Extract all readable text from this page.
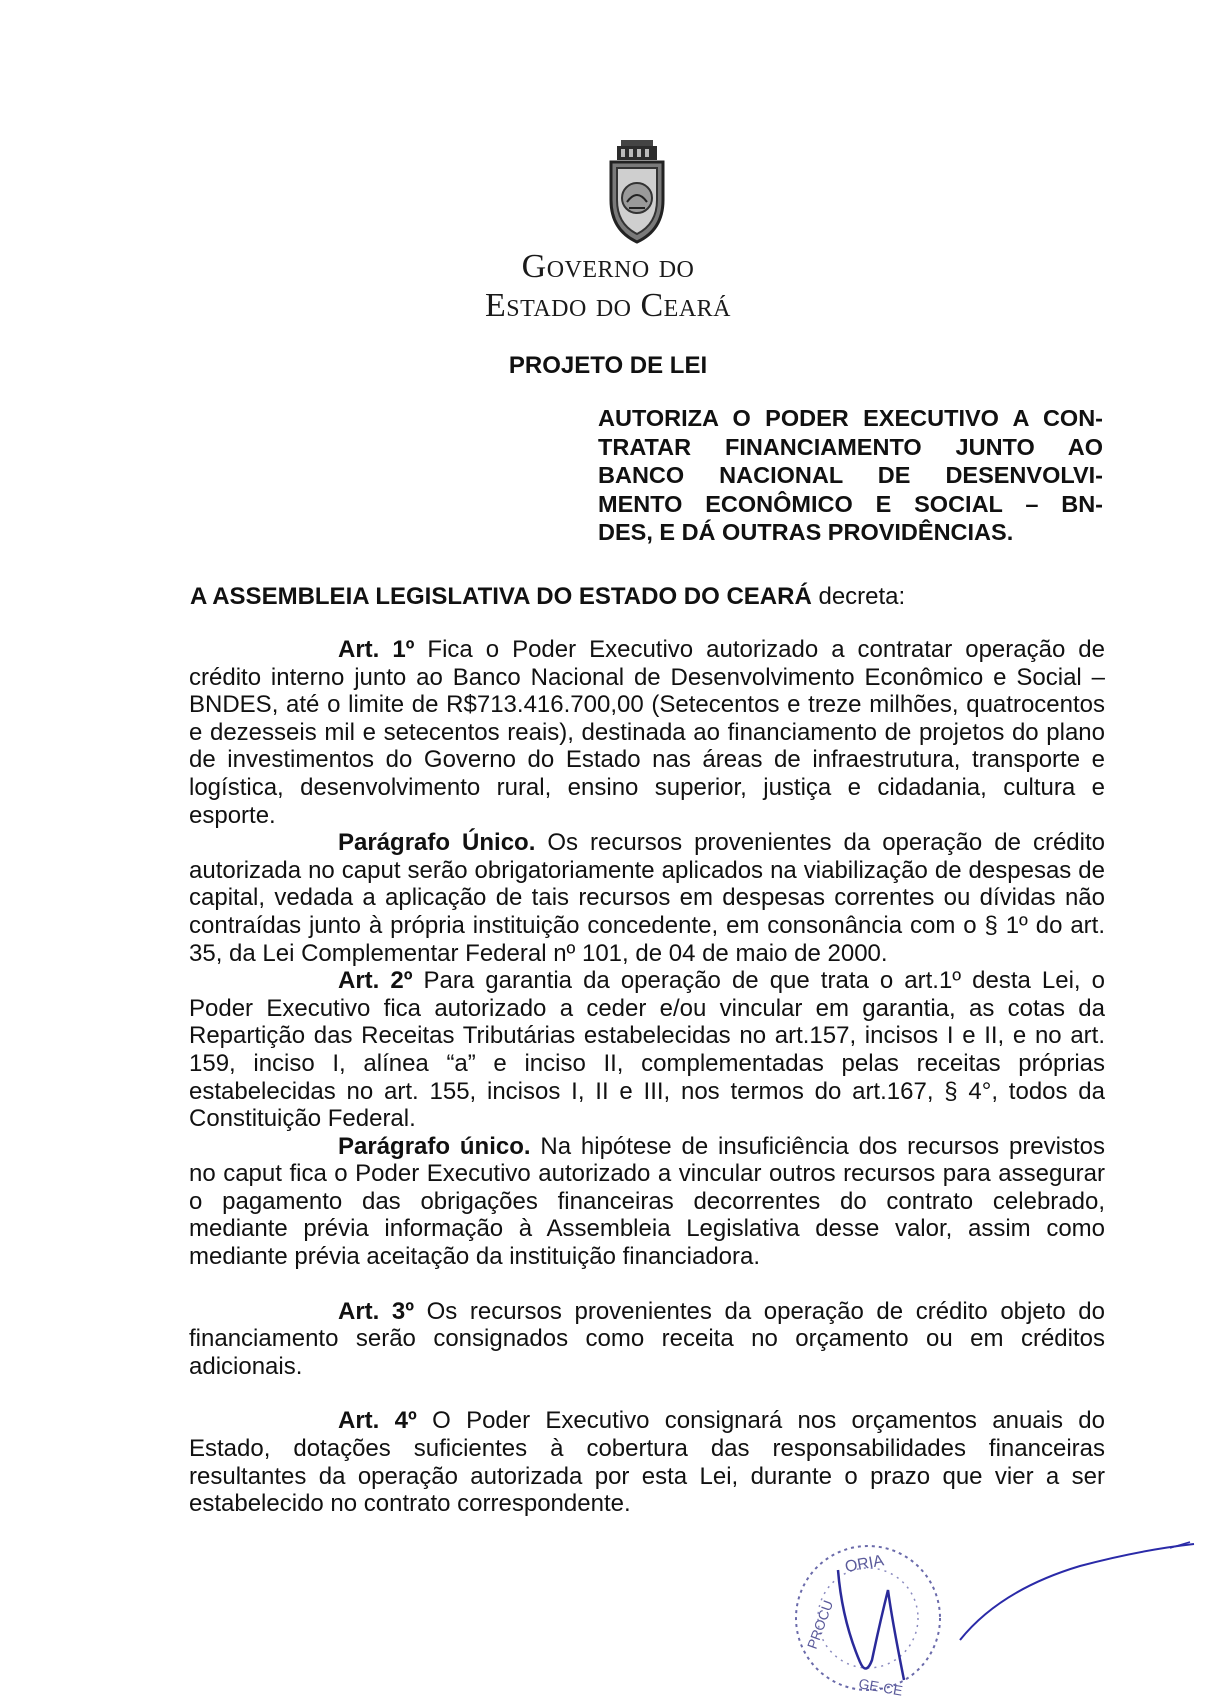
Governo do
Estado do Ceará
PROJETO DE LEI
AUTORIZA O PODER EXECUTIVO A CON-
TRATAR FINANCIAMENTO JUNTO AO
BANCO NACIONAL DE DESENVOLVI-
MENTO ECONÔMICO E SOCIAL – BN-
DES, E DÁ OUTRAS PROVIDÊNCIAS.
A ASSEMBLEIA LEGISLATIVA DO ESTADO DO CEARÁ decreta:

Art. 1º Fica o Poder Executivo autorizado a contratar operação de crédito interno junto ao Banco Nacional de Desenvolvimento Econômico e Social – BNDES, até o limite de R$713.416.700,00 (Setecentos e treze milhões, quatrocentos e dezesseis mil e setecentos reais), destinada ao financiamento de projetos do plano de investimentos do Governo do Estado nas áreas de infraestrutura, transporte e logística, desenvolvimento rural, ensino superior, justiça e cidadania, cultura e esporte.

Parágrafo Único. Os recursos provenientes da operação de crédito autorizada no caput serão obrigatoriamente aplicados na viabilização de despesas de capital, vedada a aplicação de tais recursos em despesas correntes ou dívidas não contraídas junto à própria instituição concedente, em consonância com o § 1º do art. 35, da Lei Complementar Federal nº 101, de 04 de maio de 2000.

Art. 2º Para garantia da operação de que trata o art.1º desta Lei, o Poder Executivo fica autorizado a ceder e/ou vincular em garantia, as cotas da Repartição das Receitas Tributárias estabelecidas no art.157, incisos I e II, e no art. 159, inciso I, alínea “a” e inciso II, complementadas pelas receitas próprias estabelecidas no art. 155, incisos I, II e III, nos termos do art.167, § 4°, todos da Constituição Federal.

Parágrafo único. Na hipótese de insuficiência dos recursos previstos no caput fica o Poder Executivo autorizado a vincular outros recursos para assegurar o pagamento das obrigações financeiras decorrentes do contrato celebrado, mediante prévia informação à Assembleia Legislativa desse valor, assim como mediante prévia aceitação da instituição financiadora.

Art. 3º Os recursos provenientes da operação de crédito objeto do financiamento serão consignados como receita no orçamento ou em créditos adicionais.

Art. 4º O Poder Executivo consignará nos orçamentos anuais do Estado, dotações suficientes à cobertura das responsabilidades financeiras resultantes da operação autorizada por esta Lei, durante o prazo que vier a ser estabelecido no contrato correspondente.

ORIA
PROCU
GE-CE
